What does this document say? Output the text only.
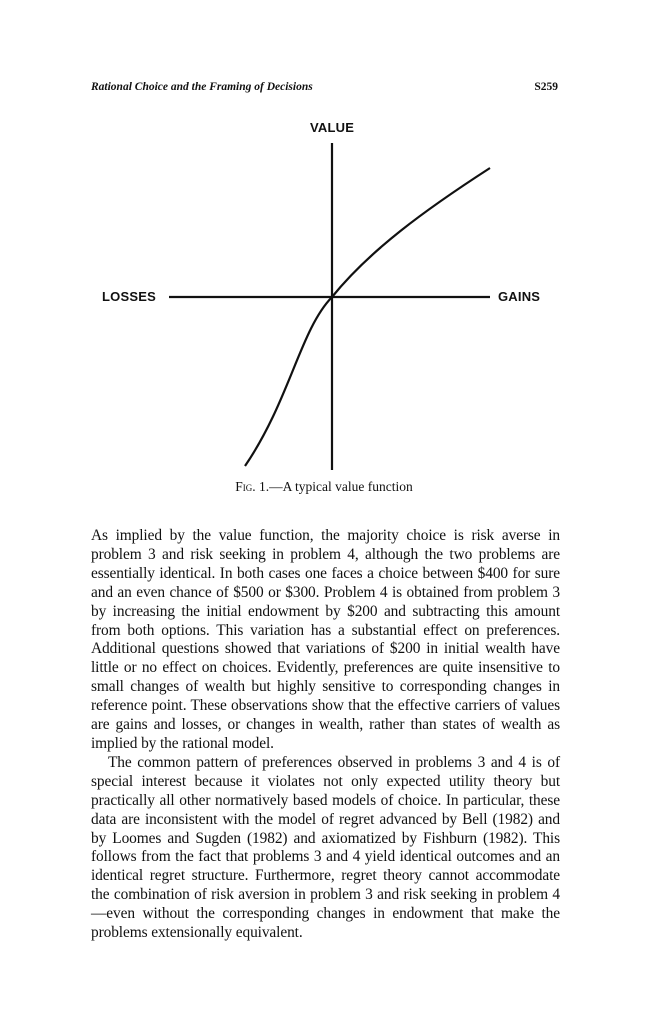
Rational Choice and the Framing of Decisions	S259
VALUE
LOSSES	GAINS
Fig. 1.—A typical value function

As implied by the value function, the majority choice is risk averse in problem 3 and risk seeking in problem 4, although the two problems are essentially identical. In both cases one faces a choice between $400 for sure and an even chance of $500 or $300. Problem 4 is obtained from problem 3 by increasing the initial endowment by $200 and subtracting this amount from both options. This variation has a substantial effect on preferences. Additional questions showed that variations of $200 in initial wealth have little or no effect on choices. Evidently, preferences are quite insensitive to small changes of wealth but highly sensitive to corresponding changes in reference point. These observations show that the effective carriers of values are gains and losses, or changes in wealth, rather than states of wealth as implied by the rational model.

The common pattern of preferences observed in problems 3 and 4 is of special interest because it violates not only expected utility theory but practically all other normatively based models of choice. In particular, these data are inconsistent with the model of regret advanced by Bell (1982) and by Loomes and Sugden (1982) and axiomatized by Fishburn (1982). This follows from the fact that problems 3 and 4 yield identical outcomes and an identical regret structure. Furthermore, regret theory cannot accommodate the combination of risk aversion in problem 3 and risk seeking in problem 4—even without the corresponding changes in endowment that make the problems extensionally equivalent.
